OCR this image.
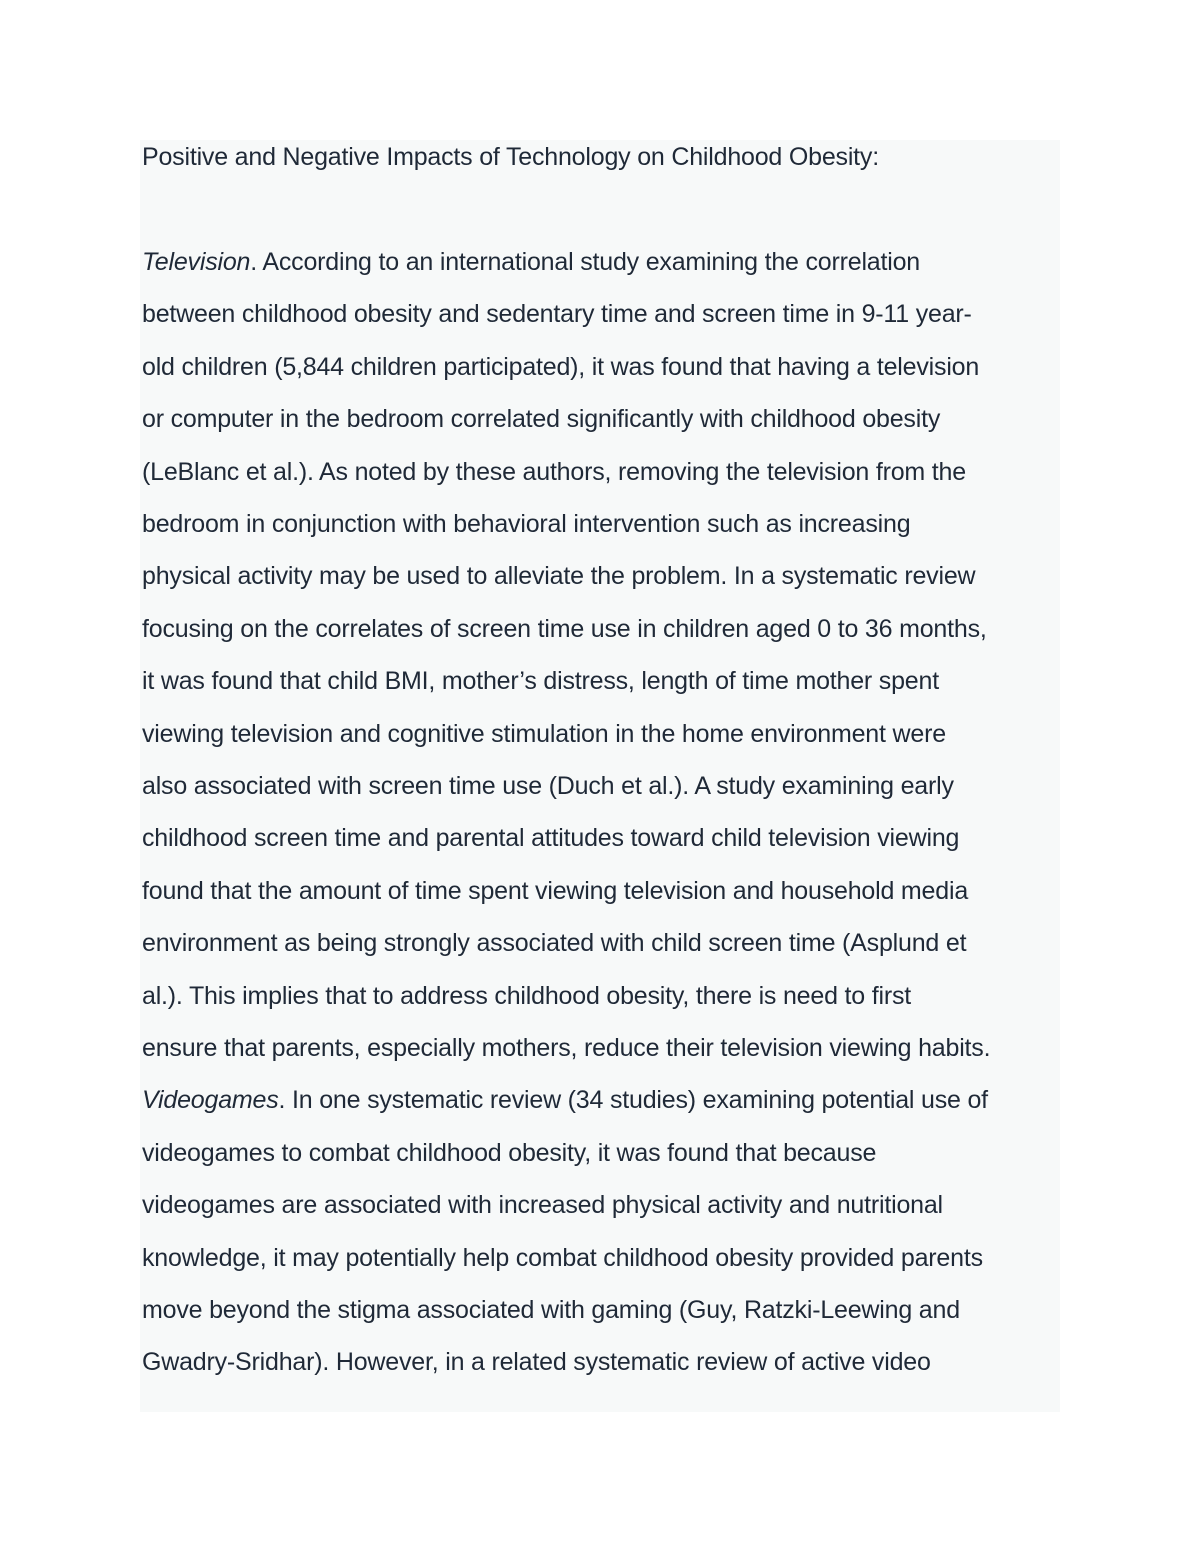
Positive and Negative Impacts of Technology on Childhood Obesity:
Television. According to an international study examining the correlation
between childhood obesity and sedentary time and screen time in 9-11 year-
old children (5,844 children participated), it was found that having a television
or computer in the bedroom correlated significantly with childhood obesity
(LeBlanc et al.). As noted by these authors, removing the television from the
bedroom in conjunction with behavioral intervention such as increasing
physical activity may be used to alleviate the problem. In a systematic review
focusing on the correlates of screen time use in children aged 0 to 36 months,
it was found that child BMI, mother’s distress, length of time mother spent
viewing television and cognitive stimulation in the home environment were
also associated with screen time use (Duch et al.). A study examining early
childhood screen time and parental attitudes toward child television viewing
found that the amount of time spent viewing television and household media
environment as being strongly associated with child screen time (Asplund et
al.). This implies that to address childhood obesity, there is need to first
ensure that parents, especially mothers, reduce their television viewing habits.
Videogames. In one systematic review (34 studies) examining potential use of
videogames to combat childhood obesity, it was found that because
videogames are associated with increased physical activity and nutritional
knowledge, it may potentially help combat childhood obesity provided parents
move beyond the stigma associated with gaming (Guy, Ratzki-Leewing and
Gwadry-Sridhar). However, in a related systematic review of active video
